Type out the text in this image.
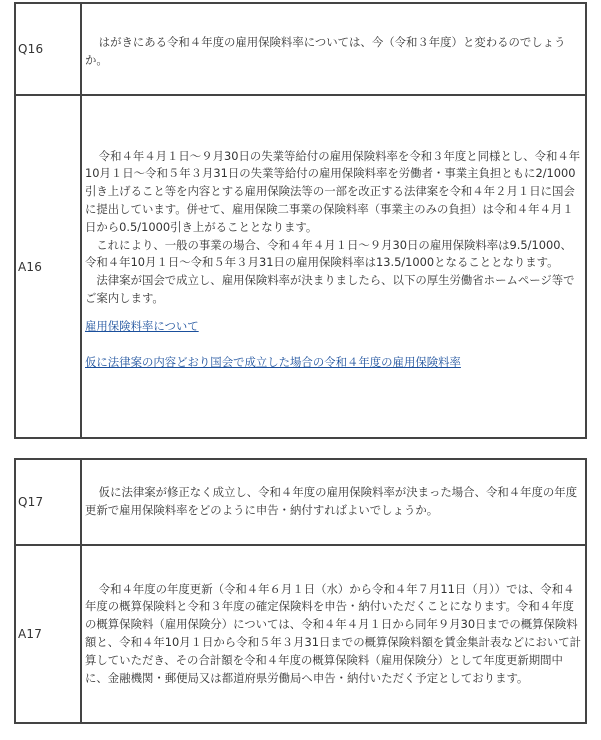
Q16	はがきにある令和４年度の雇用保険料率については、今（令和３年度）と変わるのでしょうか。

A16	令和４年４月１日～９月30日の失業等給付の雇用保険料率を令和３年度と同様とし、令和４年10月１日～令和５年３月31日の失業等給付の雇用保険料率を労働者・事業主負担ともに2/1000引き上げること等を内容とする雇用保険法等の一部を改正する法律案を令和４年２月１日に国会に提出しています。併せて、雇用保険二事業の保険料率（事業主のみの負担）は令和４年４月１日から0.5/1000引き上がることとなります。

これにより、一般の事業の場合、令和４年４月１日～９月30日の雇用保険料率は9.5/1000、令和４年10月１日～令和５年３月31日の雇用保険料率は13.5/1000となることとなります。

法律案が国会で成立し、雇用保険料率が決まりましたら、以下の厚生労働省ホームページ等でご案内します。

雇用保険料率について
仮に法律案の内容どおり国会で成立した場合の令和４年度の雇用保険料率
Q17	仮に法律案が修正なく成立し、令和４年度の雇用保険料率が決まった場合、令和４年度の年度更新で雇用保険料率をどのように申告・納付すればよいでしょうか。

A17	令和４年度の年度更新（令和４年６月１日（水）から令和４年７月11日（月））では、令和４年度の概算保険料と令和３年度の確定保険料を申告・納付いただくことになります。令和４年度の概算保険料（雇用保険分）については、令和４年４月１日から同年９月30日までの概算保険料額と、令和４年10月１日から令和５年３月31日までの概算保険料額を賃金集計表などにおいて計算していただき、その合計額を令和４年度の概算保険料（雇用保険分）として年度更新期間中に、金融機関・郵便局又は都道府県労働局へ申告・納付いただく予定としております。
